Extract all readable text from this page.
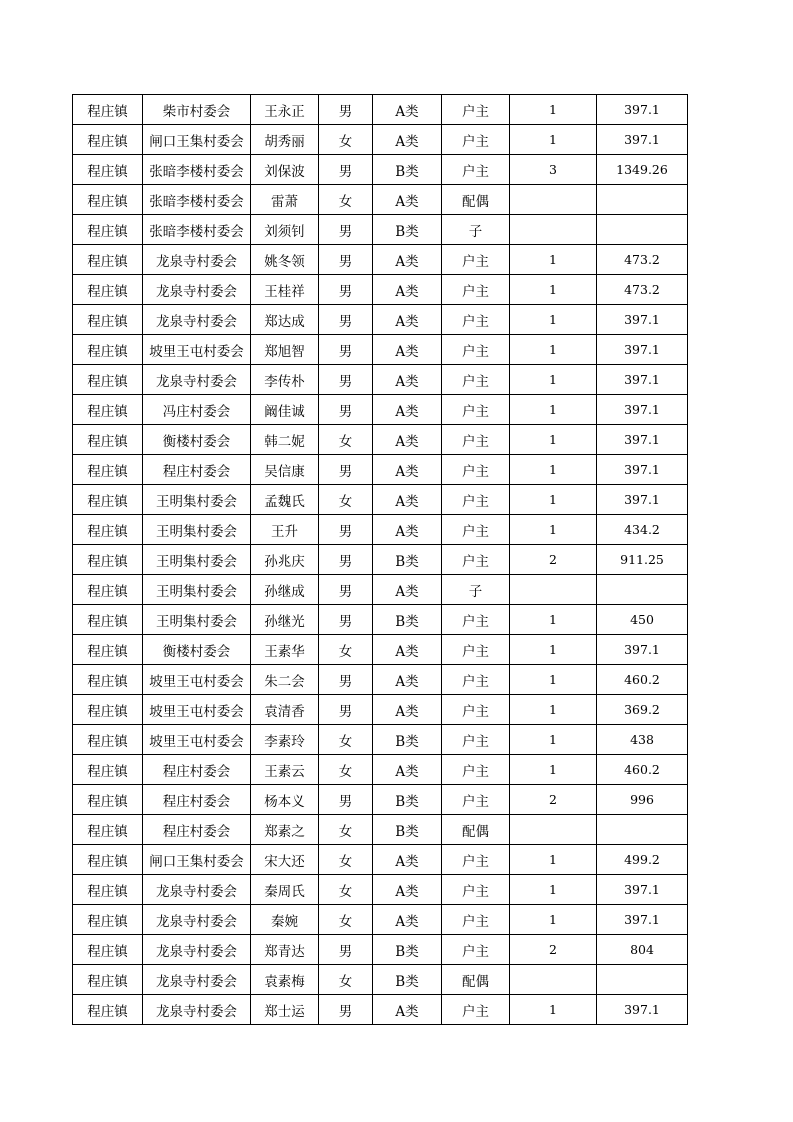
程庄镇	柴市村委会	王永正	男	A类	户主	1	397.1
程庄镇	闸口王集村委会	胡秀丽	女	A类	户主	1	397.1
程庄镇	张暗李楼村委会	刘保波	男	B类	户主	3	1349.26
程庄镇	张暗李楼村委会	雷萧	女	A类	配偶		
程庄镇	张暗李楼村委会	刘须钊	男	B类	子		
程庄镇	龙泉寺村委会	姚冬领	男	A类	户主	1	473.2
程庄镇	龙泉寺村委会	王桂祥	男	A类	户主	1	473.2
程庄镇	龙泉寺村委会	郑达成	男	A类	户主	1	397.1
程庄镇	坡里王屯村委会	郑旭智	男	A类	户主	1	397.1
程庄镇	龙泉寺村委会	李传朴	男	A类	户主	1	397.1
程庄镇	冯庄村委会	阚佳诚	男	A类	户主	1	397.1
程庄镇	衡楼村委会	韩二妮	女	A类	户主	1	397.1
程庄镇	程庄村委会	吴信康	男	A类	户主	1	397.1
程庄镇	王明集村委会	孟魏氏	女	A类	户主	1	397.1
程庄镇	王明集村委会	王升	男	A类	户主	1	434.2
程庄镇	王明集村委会	孙兆庆	男	B类	户主	2	911.25
程庄镇	王明集村委会	孙继成	男	A类	子		
程庄镇	王明集村委会	孙继光	男	B类	户主	1	450
程庄镇	衡楼村委会	王素华	女	A类	户主	1	397.1
程庄镇	坡里王屯村委会	朱二会	男	A类	户主	1	460.2
程庄镇	坡里王屯村委会	袁清香	男	A类	户主	1	369.2
程庄镇	坡里王屯村委会	李素玲	女	B类	户主	1	438
程庄镇	程庄村委会	王素云	女	A类	户主	1	460.2
程庄镇	程庄村委会	杨本义	男	B类	户主	2	996
程庄镇	程庄村委会	郑素之	女	B类	配偶		
程庄镇	闸口王集村委会	宋大还	女	A类	户主	1	499.2
程庄镇	龙泉寺村委会	秦周氏	女	A类	户主	1	397.1
程庄镇	龙泉寺村委会	秦婉	女	A类	户主	1	397.1
程庄镇	龙泉寺村委会	郑青达	男	B类	户主	2	804
程庄镇	龙泉寺村委会	袁素梅	女	B类	配偶		
程庄镇	龙泉寺村委会	郑士运	男	A类	户主	1	397.1
